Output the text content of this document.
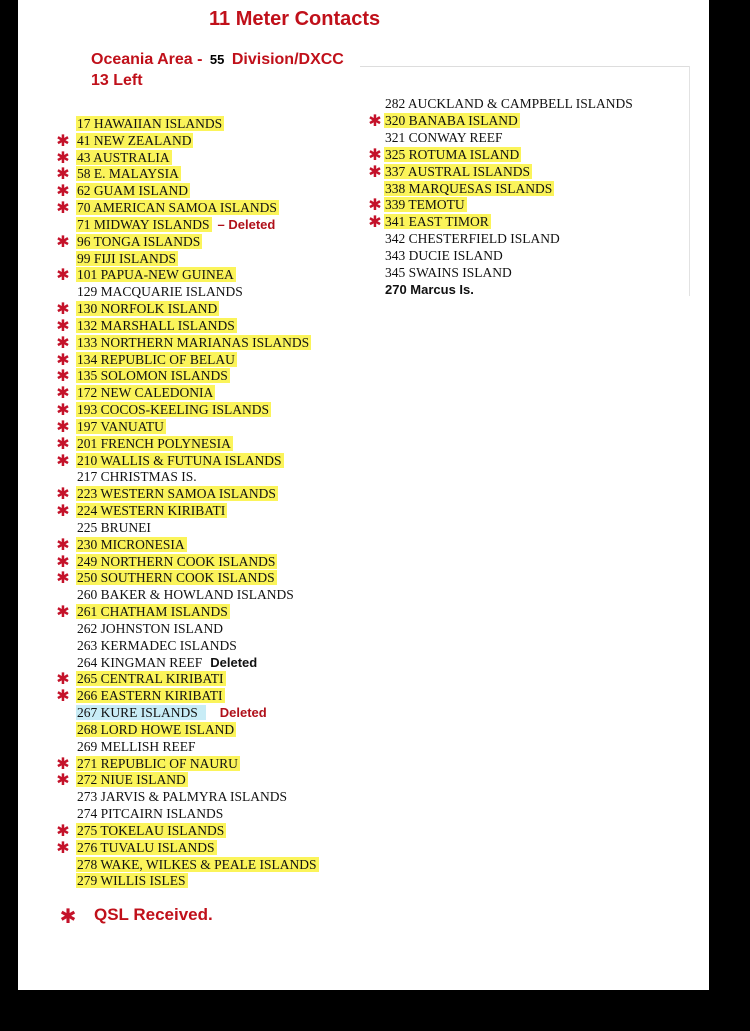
11 Meter Contacts
Oceania Area - 55 Division/DXCC
13 Left
17 HAWAIIAN ISLANDS
41 NEW ZEALAND
✱
43 AUSTRALIA
✱
58 E. MALAYSIA
✱
62 GUAM ISLAND
✱
70 AMERICAN SAMOA ISLANDS
✱
71 MIDWAY ISLANDS – Deleted
96 TONGA ISLANDS
✱
99 FIJI ISLANDS
101 PAPUA-NEW GUINEA
✱
129 MACQUARIE ISLANDS
130 NORFOLK ISLAND
✱
132 MARSHALL ISLANDS
✱
133 NORTHERN MARIANAS ISLANDS
✱
134 REPUBLIC OF BELAU
✱
135 SOLOMON ISLANDS
✱
172 NEW CALEDONIA
✱
193 COCOS-KEELING ISLANDS
✱
197 VANUATU
✱
201 FRENCH POLYNESIA
✱
210 WALLIS & FUTUNA ISLANDS
✱
217 CHRISTMAS IS.
223 WESTERN SAMOA ISLANDS
✱
224 WESTERN KIRIBATI
✱
225 BRUNEI
230 MICRONESIA
✱
249 NORTHERN COOK ISLANDS
✱
250 SOUTHERN COOK ISLANDS
✱
260 BAKER & HOWLAND ISLANDS
261 CHATHAM ISLANDS
✱
262 JOHNSTON ISLAND
263 KERMADEC ISLANDS
264 KINGMAN REEF Deleted
265 CENTRAL KIRIBATI
✱
266 EASTERN KIRIBATI
✱
267 KURE ISLANDS Deleted
268 LORD HOWE ISLAND
269 MELLISH REEF
271 REPUBLIC OF NAURU
✱
272 NIUE ISLAND
✱
273 JARVIS & PALMYRA ISLANDS
274 PITCAIRN ISLANDS
275 TOKELAU ISLANDS
✱
276 TUVALU ISLANDS
✱
278 WAKE, WILKES & PEALE ISLANDS
279 WILLIS ISLES
282 AUCKLAND & CAMPBELL ISLANDS
320 BANABA ISLAND
✱
321 CONWAY REEF
325 ROTUMA ISLAND
✱
337 AUSTRAL ISLANDS
✱
338 MARQUESAS ISLANDS
339 TEMOTU
✱
341 EAST TIMOR
✱
342 CHESTERFIELD ISLAND
343 DUCIE ISLAND
345 SWAINS ISLAND
270 Marcus Is.
✱ QSL Received.
